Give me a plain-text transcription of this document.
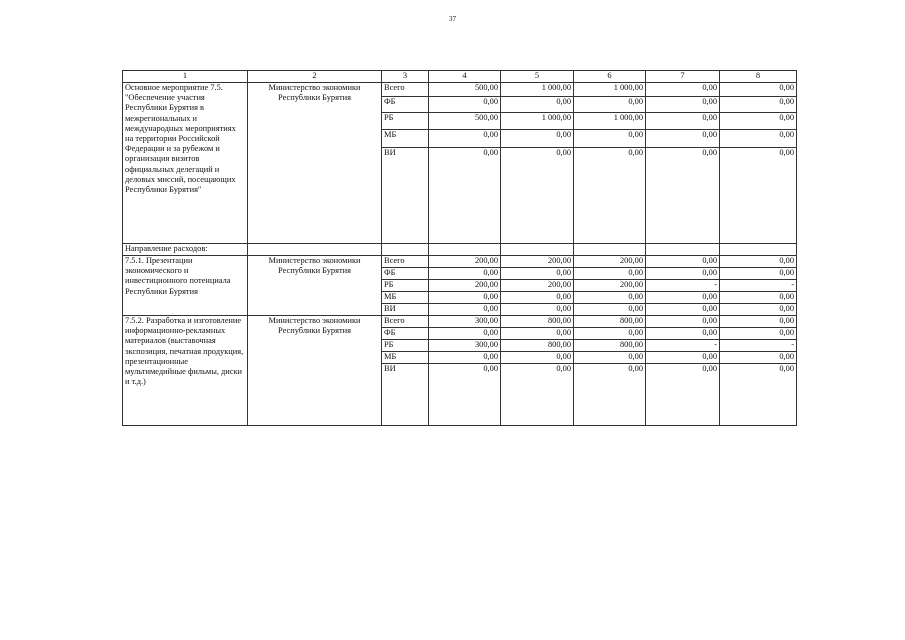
37
1	2	3	4	5	6	7	8
Основное мероприятие 7.5. "Обеспечение участия Республики Бурятия в межрегиональных и международных мероприятиях на территории Российской Федерации и за рубежом и организация визитов официальных делегаций и деловых миссий, посещающих Республики Бурятия"	Министерство экономики Республики Бурятия	Всего	500,00	1 000,00	1 000,00	0,00	0,00
		ФБ	0,00	0,00	0,00	0,00	0,00
		РБ	500,00	1 000,00	1 000,00	0,00	0,00
		МБ	0,00	0,00	0,00	0,00	0,00
		ВИ	0,00	0,00	0,00	0,00	0,00
Направление расходов:							
7.5.1. Презентации экономического и инвестиционного потенциала Республики Бурятия	Министерство экономики Республики Бурятия	Всего	200,00	200,00	200,00	0,00	0,00
		ФБ	0,00	0,00	0,00	0,00	0,00
		РБ	200,00	200,00	200,00	-	-
		МБ	0,00	0,00	0,00	0,00	0,00
		ВИ	0,00	0,00	0,00	0,00	0,00
7.5.2. Разработка и изготовление информационно-рекламных материалов (выставочная экспозиция, печатная продукция, презентационные мультимедийные фильмы, диски и т.д.)	Министерство экономики Республики Бурятия	Всего	300,00	800,00	800,00	0,00	0,00
		ФБ	0,00	0,00	0,00	0,00	0,00
		РБ	300,00	800,00	800,00	-	-
		МБ	0,00	0,00	0,00	0,00	0,00
		ВИ	0,00	0,00	0,00	0,00	0,00
